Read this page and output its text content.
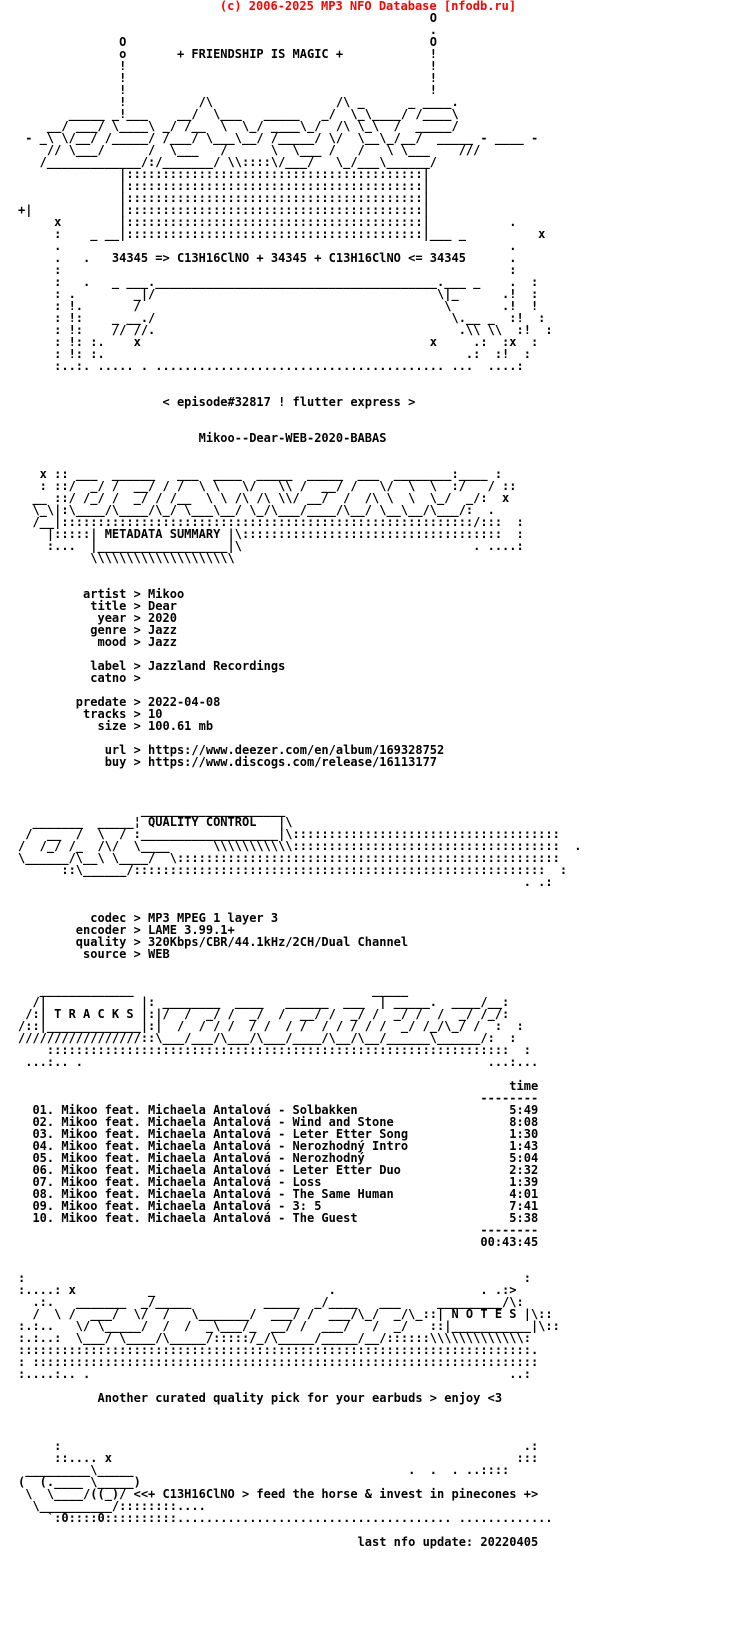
(c) 2006-2025 MP3 NFO Database [nfodb.ru]
O
.
O                                          O
o       + FRIENDSHIP IS MAGIC +            !
!                                          !
!                                          !
!                                          !
!          /\                 /\ _      _ ____.
_____ _!___    __/  \___   _____   _/  \_\____/ /____\
__/ ___/ \____\ _/ /__  \  \_/ ____\_/  /\ \_\  /  _____/
- _\ \/__/ /_____/ /___/ \___\__/ /_____/ \/  \__\_/__/  _____ - ____ -
// \___/      /  \___   /      \  \___ /   /   \ \___    ///
/_____________/:/_______/ \\::::\/___/   \_/___\______/
|:::::::::::::::::::::::::::::::::::::::::|
|:::::::::::::::::::::::::::::::::::::::::|
|:::::::::::::::::::::::::::::::::::::::::|
+|            |:::::::::::::::::::::::::::::::::::::::::|
x        |:::::::::::::::::::::::::::::::::::::::::|           .
:    _ __|:::::::::::::::::::::::::::::::::::::::::|___ _          x
.                                                              .
.   .   34345 => C13H16ClNO + 34345 + C13H16ClNO <= 34345      .
:                                                              :
:   .   _ ___._______________________________________.___ _    .  :
: .        _|/                                       \|_      .!  :
: !.       /                                          \       .!  !
: !:    _ __./                                         \.__ _  :!  :
: !:    // //.                                          .\\ \\  :!  :
: !: :.    x                                        x     .:  :x  :
: !: :.                                                  .:  :!  :
:..:. ..... . ........................................ ...  ....:

< episode#32817 ! flutter express >

Mikoo--Dear-WEB-2020-BABAS

x :: ___  ______   ___  ____  _____  _____  ___  ________:____ :
: ::/  _/ /  __/ / /  \ \   \/   \\ /  __/ /   \/  \  \  :/   / ::
__ ::/ /_/ /  _/ / /__  \ \ /\ /\ \\/ __/  /  /\ \  \  \_/  _/:  x
\_\|:\____/\____/\_/ \___\__/ \_/\___/____/\__/ \__\__/\___/:  .
/__|:::::::::::::::::::::::::::::::::::::::::::::::::::::::::/:::  :
|:::::| METADATA SUMMARY |\::::::::::::::::::::::::::::::::::::  :
:...  |__________________|\                                . ....:
\\\\\\\\\\\\\\\\\\\\

artist > Mikoo
title > Dear
year > 2020
genre > Jazz
mood > Jazz

label > Jazzland Recordings
catno >

predate > 2022-04-08
tracks > 10
size > 100.61 mb

url > https://www.deezer.com/en/album/169328752
buy > https://www.discogs.com/release/16113177

____________________
_______  _____¦ QUALITY CONTROL   |\
/  __  /  \  / :___________________|\:::::::::::::::::::::::::::::::::::::
/  /_/ /_  /\/  \____      \\\\\\\\\\\:::::::::::::::::::::::::::::::::::::  .
\______/\__\ \____/  \:::::::::::::::::::::::::::::::::::::::::::::::::::::
::\______/:::::::::::::::::::::::::::::::::::::::::::::::::::::::::  :
. .:

codec > MP3 MPEG 1 layer 3
encoder > LAME 3.99.1+
quality > 320Kbps/CBR/44.1kHz/2CH/Dual Channel
source > WEB

_____________                                 _____
/|             |: ________  ____   ______  ___  | _____.  ____/__:
/:| T R A C K S |:|/  /  _/ /  _/  /  __/ /  _/ /  _/ /  /  _/ /_/:
/::|_____________|:|  /  / / /  / /  / /  / / / / /  _/ /_/\_/ /  :  :
/////////////////::\___/___/\___/\___/____/\__/\__/______\______/:  :
::::::::::::::::::::::::::::::::::::::::::::::::::::::::::::::::  :
...:.. .                                                        ...:...

time
--------
01. Mikoo feat. Michaela Antalová - Solbakken                     5:49
02. Mikoo feat. Michaela Antalová - Wind and Stone                8:08
03. Mikoo feat. Michaela Antalová - Leter Etter Song              1:30
04. Mikoo feat. Michaela Antalová - Nerozhodný Intro              1:43
05. Mikoo feat. Michaela Antalová - Nerozhodný                    5:04
06. Mikoo feat. Michaela Antalová - Leter Etter Duo               2:32
07. Mikoo feat. Michaela Antalová - Loss                          1:39
08. Mikoo feat. Michaela Antalová - The Same Human                4:01
09. Mikoo feat. Michaela Antalová - 3: 5                          7:41
10. Mikoo feat. Michaela Antalová - The Guest                     5:38
--------
00:43:45

:                                                                     :
:....: x          _                        .                    . .:>
.:.   _______  _/_____          _____  _/____   ___     _________/\:
/  \ /  ___/  \/  /   \_______/  ___/ /  ___/\_/  _/\_::| N O T E S |\::
:.:..   \/ \_____/  /  /  _\___/_  __/ /  ___/   /  _/   ::|___________|\::
:.:..:  \___/ \____/\_____/:::::/_/\_____/_____/__/::::::\\\\\\\\\\\\\:
:::::::::::::::::::::::::::::::::::::::::::::::::::::::::::::::::::::::.
: ::::::::::::::::::::::::::::::::::::::::::::::::::::::::::::::::::::::
:....:.. .                                                          ..:

Another curated quality pick for your earbuds > enjoy <3

:                                                                .:
::.... x                                                        :::
_________\_____                                      .  .  . ..::::
(  (.____ \_____)
\  \____/((_)/ <<+ C13H16ClNO > feed the horse & invest in pinecones +>
\__________/::::::::....
`:0::::0::::::::::...................................... .............

last nfo update: 20220405
